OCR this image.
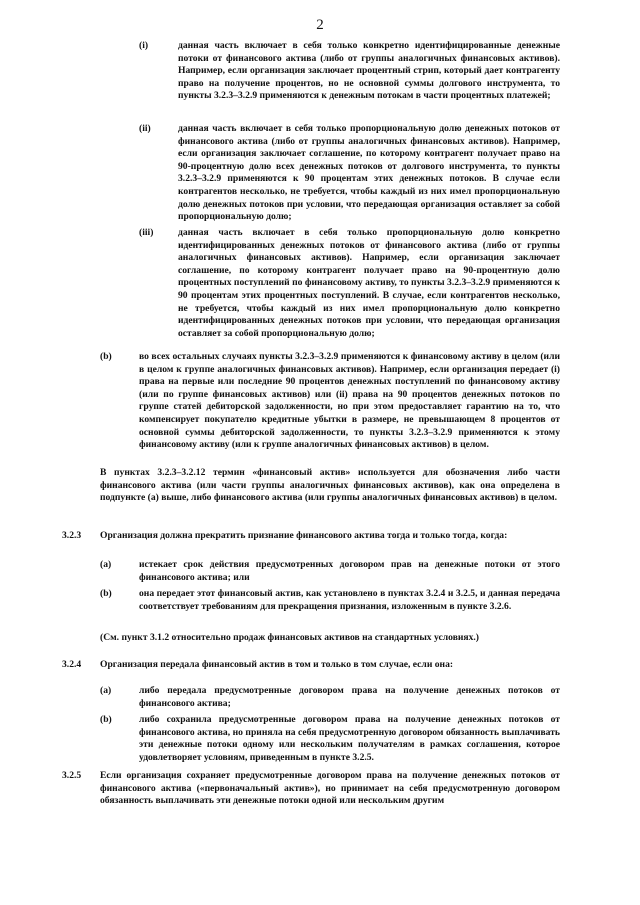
2
(i)	данная часть включает в себя только конкретно идентифицированные денежные потоки от финансового актива (либо от группы аналогичных финансовых активов). Например, если организация заключает процентный стрип, который дает контрагенту право на получение процентов, но не основной суммы долгового инструмента, то пункты 3.2.3–3.2.9 применяются к денежным потокам в части процентных платежей;
(ii)	данная часть включает в себя только пропорциональную долю денежных потоков от финансового актива (либо от группы аналогичных финансовых активов). Например, если организация заключает соглашение, по которому контрагент получает право на 90-процентную долю всех денежных потоков от долгового инструмента, то пункты 3.2.3–3.2.9 применяются к 90 процентам этих денежных потоков. В случае если контрагентов несколько, не требуется, чтобы каждый из них имел пропорциональную долю денежных потоков при условии, что передающая организация оставляет за собой пропорциональную долю;
(iii)	данная часть включает в себя только пропорциональную долю конкретно идентифицированных денежных потоков от финансового актива (либо от группы аналогичных финансовых активов). Например, если организация заключает соглашение, по которому контрагент получает право на 90-процентную долю процентных поступлений по финансовому активу, то пункты 3.2.3–3.2.9 применяются к 90 процентам этих процентных поступлений. В случае, если контрагентов несколько, не требуется, чтобы каждый из них имел пропорциональную долю конкретно идентифицированных денежных потоков при условии, что передающая организация оставляет за собой пропорциональную долю;
(b)	во всех остальных случаях пункты 3.2.3–3.2.9 применяются к финансовому активу в целом (или в целом к группе аналогичных финансовых активов). Например, если организация передает (i) права на первые или последние 90 процентов денежных поступлений по финансовому активу (или по группе финансовых активов) или (ii) права на 90 процентов денежных потоков по группе статей дебиторской задолженности, но при этом предоставляет гарантию на то, что компенсирует покупателю кредитные убытки в размере, не превышающем 8 процентов от основной суммы дебиторской задолженности, то пункты 3.2.3–3.2.9 применяются к этому финансовому активу (или к группе аналогичных финансовых активов) в целом.
В пунктах 3.2.3–3.2.12 термин «финансовый актив» используется для обозначения либо части финансового актива (или части группы аналогичных финансовых активов), как она определена в подпункте (а) выше, либо финансового актива (или группы аналогичных финансовых активов) в целом.
3.2.3 Организация должна прекратить признание финансового актива тогда и только тогда, когда:
(a)	истекает срок действия предусмотренных договором прав на денежные потоки от этого финансового актива; или
(b)	она передает этот финансовый актив, как установлено в пунктах 3.2.4 и 3.2.5, и данная передача соответствует требованиям для прекращения признания, изложенным в пункте 3.2.6.
(См. пункт 3.1.2 относительно продаж финансовых активов на стандартных условиях.)
3.2.4 Организация передала финансовый актив в том и только в том случае, если она:
(a)	либо передала предусмотренные договором права на получение денежных потоков от финансового актива;
(b)	либо сохранила предусмотренные договором права на получение денежных потоков от финансового актива, но приняла на себя предусмотренную договором обязанность выплачивать эти денежные потоки одному или нескольким получателям в рамках соглашения, которое удовлетворяет условиям, приведенным в пункте 3.2.5.
3.2.5 Если организация сохраняет предусмотренные договором права на получение денежных потоков от финансового актива («первоначальный актив»), но принимает на себя предусмотренную договором обязанность выплачивать эти денежные потоки одной или нескольким другим
